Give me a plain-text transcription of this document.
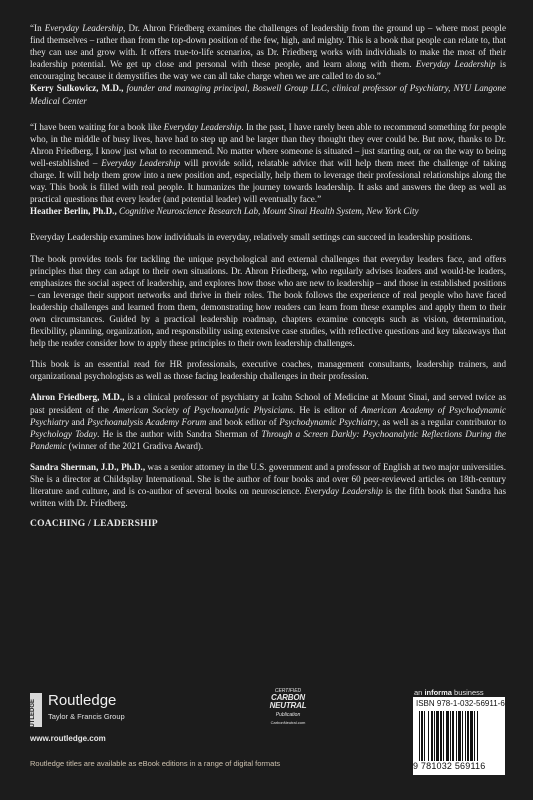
“In Everyday Leadership, Dr. Ahron Friedberg examines the challenges of leadership from the ground up – where most people find themselves – rather than from the top-down position of the few, high, and mighty. This is a book that people can relate to, that they can use and grow with. It offers true-to-life scenarios, as Dr. Friedberg works with individuals to make the most of their leadership potential. We get up close and personal with these people, and learn along with them. Everyday Leadership is encouraging because it demystifies the way we can all take charge when we are called to do so.”

Kerry Sulkowicz, M.D., founder and managing principal, Boswell Group LLC, clinical professor of Psychiatry, NYU Langone Medical Center

“I have been waiting for a book like Everyday Leadership. In the past, I have rarely been able to recommend something for people who, in the middle of busy lives, have had to step up and be larger than they thought they ever could be. But now, thanks to Dr. Ahron Friedberg, I know just what to recommend. No matter where someone is situated – just starting out, or on the way to being well-established – Everyday Leadership will provide solid, relatable advice that will help them meet the challenge of taking charge. It will help them grow into a new position and, especially, help them to leverage their professional relationships along the way. This book is filled with real people. It humanizes the journey towards leadership. It asks and answers the deep as well as practical questions that every leader (and potential leader) will eventually face.”

Heather Berlin, Ph.D., Cognitive Neuroscience Research Lab, Mount Sinai Health System, New York City

Everyday Leadership examines how individuals in everyday, relatively small settings can succeed in leadership positions.

The book provides tools for tackling the unique psychological and external challenges that everyday leaders face, and offers principles that they can adapt to their own situations. Dr. Ahron Friedberg, who regularly advises leaders and would-be leaders, emphasizes the social aspect of leadership, and explores how those who are new to leadership – and those in established positions – can leverage their support networks and thrive in their roles. The book follows the experience of real people who have faced leadership challenges and learned from them, demonstrating how readers can learn from these examples and apply them to their own circumstances. Guided by a practical leadership roadmap, chapters examine concepts such as vision, determination, flexibility, planning, organization, and responsibility using extensive case studies, with reflective questions and key takeaways that help the reader consider how to apply these principles to their own leadership challenges.

This book is an essential read for HR professionals, executive coaches, management consultants, leadership trainers, and organizational psychologists as well as those facing leadership challenges in their profession.

Ahron Friedberg, M.D., is a clinical professor of psychiatry at Icahn School of Medicine at Mount Sinai, and served twice as past president of the American Society of Psychoanalytic Physicians. He is editor of American Academy of Psychodynamic Psychiatry and Psychoanalysis Academy Forum and book editor of Psychodynamic Psychiatry, as well as a regular contributor to Psychology Today. He is the author with Sandra Sherman of Through a Screen Darkly: Psychoanalytic Reflections During the Pandemic (winner of the 2021 Gradiva Award).

Sandra Sherman, J.D., Ph.D., was a senior attorney in the U.S. government and a professor of English at two major universities. She is a director at Childsplay International. She is the author of four books and over 60 peer-reviewed articles on 18th-century literature and culture, and is co-author of several books on neuroscience. Everyday Leadership is the fifth book that Sandra has written with Dr. Friedberg.

COACHING / LEADERSHIP
ROUTLEDGE Routledge
Taylor & Francis Group
www.routledge.com
Routledge titles are available as eBook editions in a range of digital formats
CERTIFIED
CARBON NEUTRAL
Publication
CarbonNeutral.com
an informa business
ISBN 978-1-032-56911-6
9 781032 569116
